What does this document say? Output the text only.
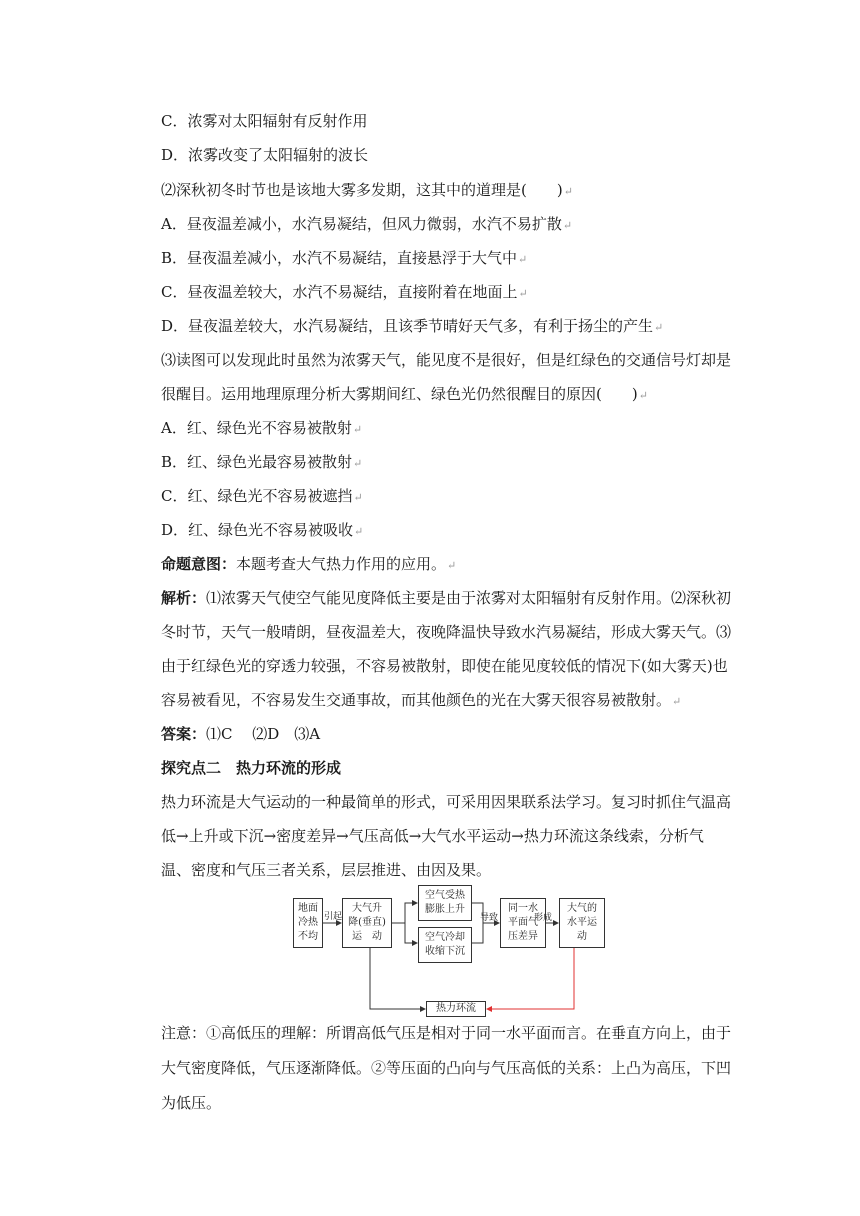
C．浓雾对太阳辐射有反射作用
D．浓雾改变了太阳辐射的波长
⑵深秋初冬时节也是该地大雾多发期，这其中的道理是(　　)↵
A．昼夜温差减小，水汽易凝结，但风力微弱，水汽不易扩散↵
B．昼夜温差减小，水汽不易凝结，直接悬浮于大气中↵
C．昼夜温差较大，水汽不易凝结，直接附着在地面上↵
D．昼夜温差较大，水汽易凝结，且该季节晴好天气多，有利于扬尘的产生↵
⑶读图可以发现此时虽然为浓雾天气，能见度不是很好，但是红绿色的交通信号灯却是
很醒目。运用地理原理分析大雾期间红、绿色光仍然很醒目的原因(　　)↵
A．红、绿色光不容易被散射↵
B．红、绿色光最容易被散射↵
C．红、绿色光不容易被遮挡↵
D．红、绿色光不容易被吸收↵
命题意图：本题考查大气热力作用的应用。↵
解析：⑴浓雾天气使空气能见度降低主要是由于浓雾对太阳辐射有反射作用。⑵深秋初
冬时节，天气一般晴朗，昼夜温差大，夜晚降温快导致水汽易凝结，形成大雾天气。⑶
由于红绿色光的穿透力较强，不容易被散射，即使在能见度较低的情况下(如大雾天)也
容易被看见，不容易发生交通事故，而其他颜色的光在大雾天很容易被散射。↵
答案：⑴C　 ⑵D　⑶A
探究点二　热力环流的形成
热力环流是大气运动的一种最简单的形式，可采用因果联系法学习。复习时抓住气温高
低→上升或下沉→密度差异→气压高低→大气水平运动→热力环流这条线索，分析气
温、密度和气压三者关系，层层推进、由因及果。
地面
冷热
不均
引起
大气升
降(垂直)
运　动
空气受热
膨胀上升
空气冷却
收缩下沉
导致
同一水
平面气
压差异
形成
大气的
水平运
动
热力环流
注意：①高低压的理解：所谓高低气压是相对于同一水平面而言。在垂直方向上，由于
大气密度降低，气压逐渐降低。②等压面的凸向与气压高低的关系：上凸为高压，下凹
为低压。
